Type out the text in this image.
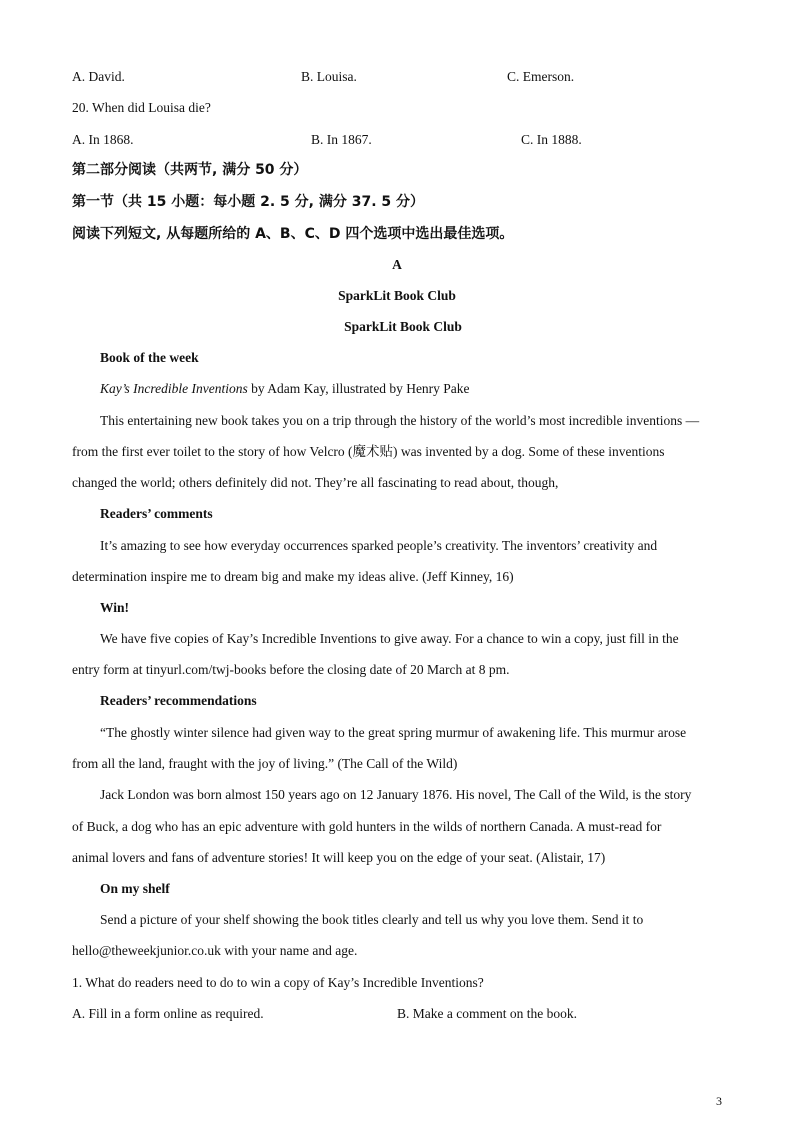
A. David.	B. Louisa.	C. Emerson.
20. When did Louisa die?
A. In 1868.	B. In 1867.	C. In 1888.
第二部分阅读（共两节, 满分 50 分）
第一节（共 15 小题：每小题 2. 5 分, 满分 37. 5 分）
阅读下列短文, 从每题所给的 A、B、C、D 四个选项中选出最佳选项。
A
SparkLit Book Club
SparkLit Book Club
Book of the week
Kay’s Incredible Inventions by Adam Kay, illustrated by Henry Pake
This entertaining new book takes you on a trip through the history of the world’s most incredible inventions —
from the first ever toilet to the story of how Velcro (魔术贴) was invented by a dog. Some of these inventions
changed the world; others definitely did not. They’re all fascinating to read about, though,
Readers’ comments
It’s amazing to see how everyday occurrences sparked people’s creativity. The inventors’ creativity and
determination inspire me to dream big and make my ideas alive. (Jeff Kinney, 16)
Win!
We have five copies of Kay’s Incredible Inventions to give away. For a chance to win a copy, just fill in the
entry form at tinyurl.com/twj-books before the closing date of 20 March at 8 pm.
Readers’ recommendations
“The ghostly winter silence had given way to the great spring murmur of awakening life. This murmur arose
from all the land, fraught with the joy of living.” (The Call of the Wild)
Jack London was born almost 150 years ago on 12 January 1876. His novel, The Call of the Wild, is the story
of Buck, a dog who has an epic adventure with gold hunters in the wilds of northern Canada. A must-read for
animal lovers and fans of adventure stories! It will keep you on the edge of your seat. (Alistair, 17)
On my shelf
Send a picture of your shelf showing the book titles clearly and tell us why you love them. Send it to
hello@theweekjunior.co.uk with your name and age.
1. What do readers need to do to win a copy of Kay’s Incredible Inventions?
A. Fill in a form online as required.	B. Make a comment on the book.
3
